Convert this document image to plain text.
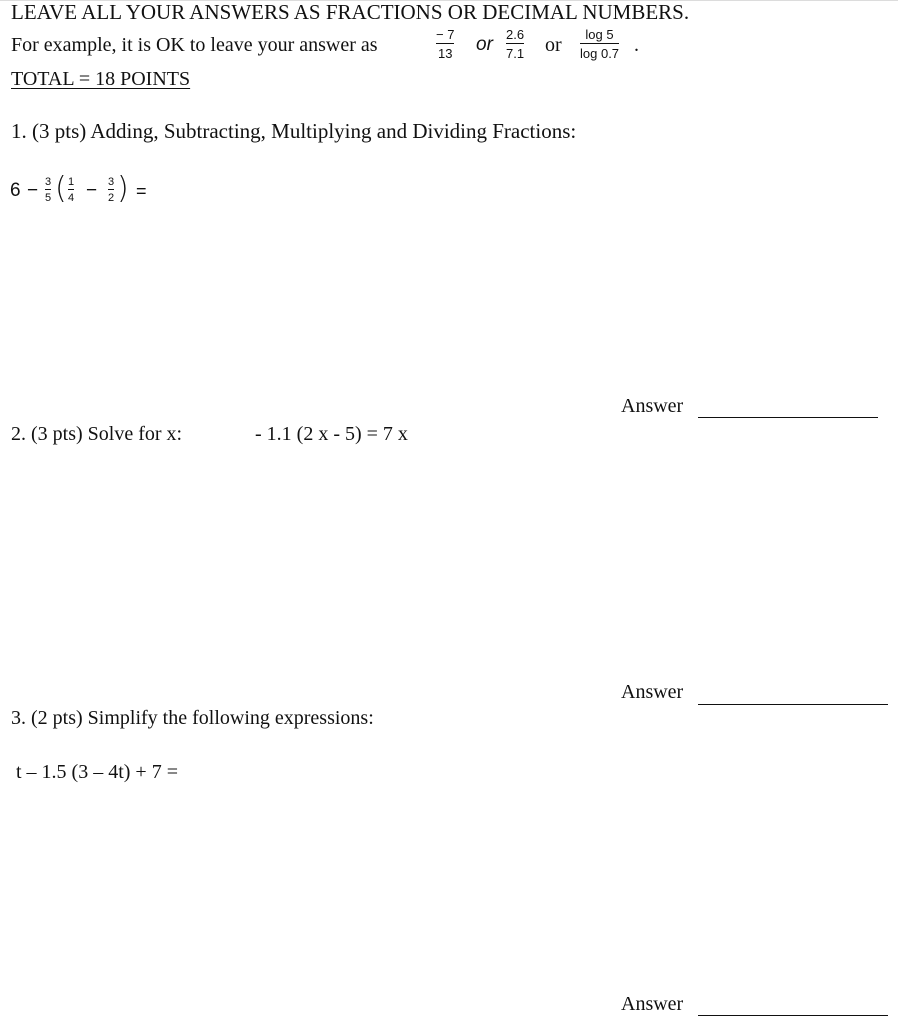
LEAVE ALL YOUR ANSWERS AS FRACTIONS OR DECIMAL NUMBERS.
For example, it is OK to leave your answer as	− 7
13 or 2.6
7.1 or log 5
log 0.7 .
TOTAL = 18 POINTS
1. (3 pts) Adding, Subtracting, Multiplying and Dividing Fractions:
6 − 3
5 ( 1
4 − 3
2 ) =
Answer
2. (3 pts) Solve for x:	- 1.1 (2 x - 5) = 7 x
Answer
3. (2 pts) Simplify the following expressions:
t – 1.5 (3 – 4t) + 7 =
Answer
